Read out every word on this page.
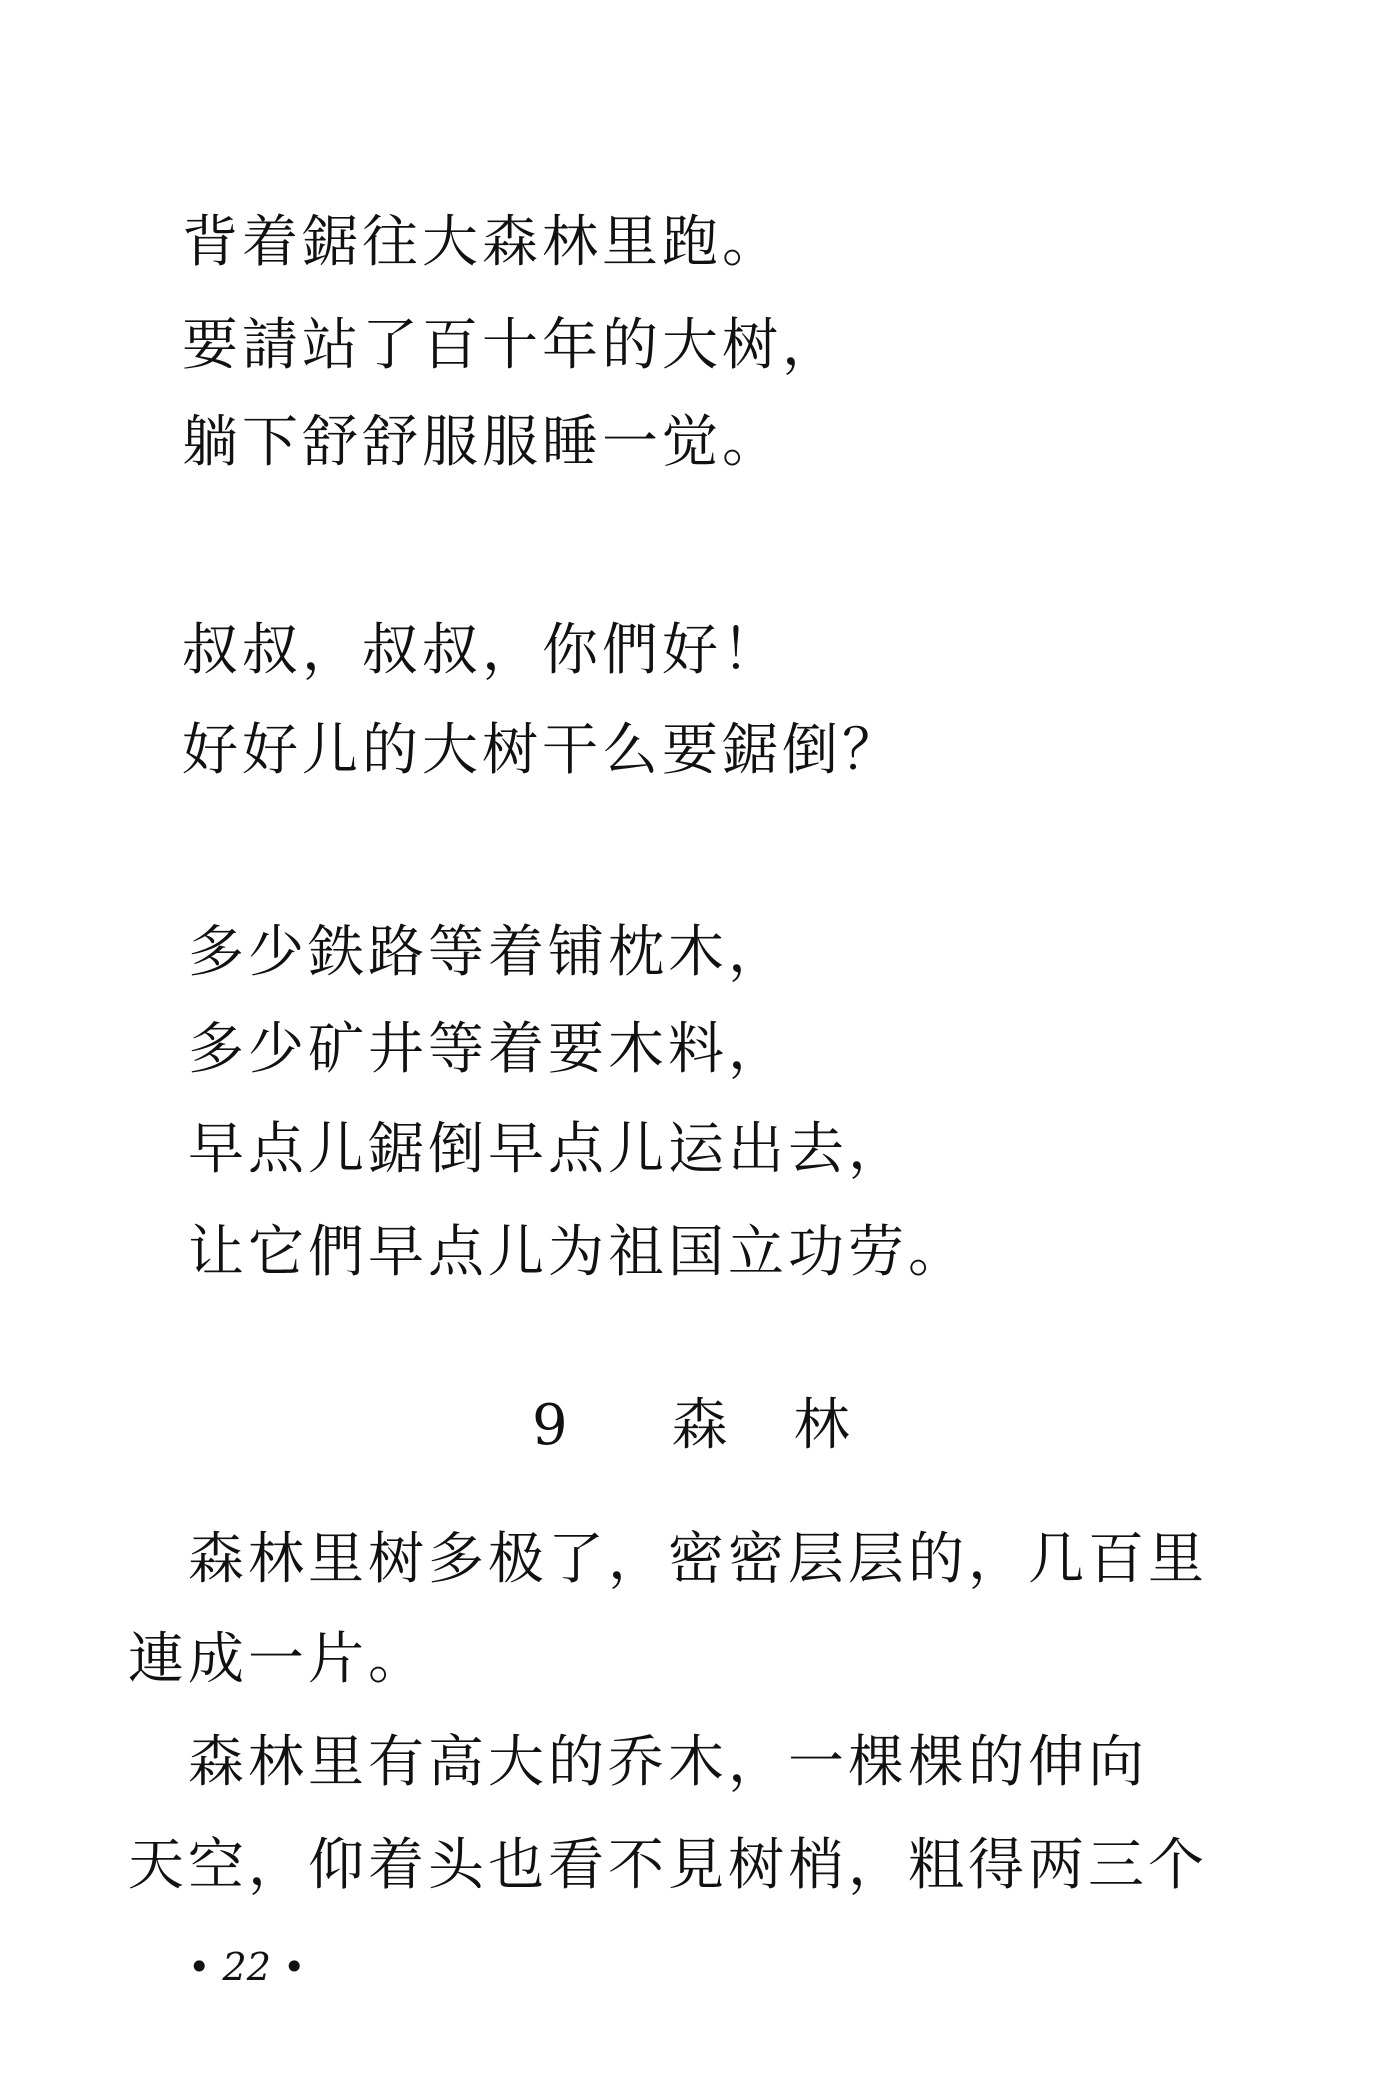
背着鋸往大森林里跑。
要請站了百十年的大树，
躺下舒舒服服睡一觉。
叔叔，叔叔，你們好！
好好儿的大树干么要鋸倒？
多少鉄路等着铺枕木，
多少矿井等着要木料，
早点儿鋸倒早点儿运出去，
让它們早点儿为祖国立功劳。
9 森 林
森林里树多极了，密密层层的，几百里
連成一片。
森林里有高大的乔木，一棵棵的伸向
天空，仰着头也看不見树梢，粗得两三个
• 22 •
